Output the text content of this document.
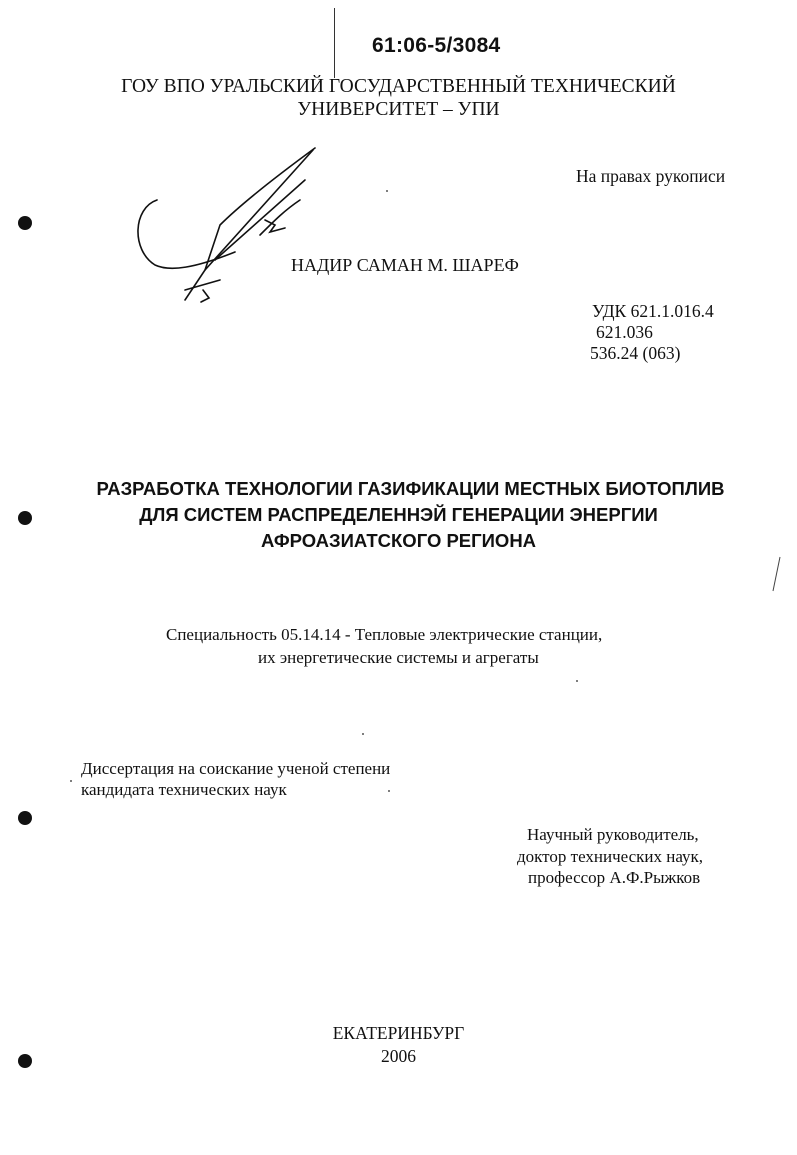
61:06-5/3084
ГОУ ВПО УРАЛЬСКИЙ ГОСУДАРСТВЕННЫЙ ТЕХНИЧЕСКИЙ
УНИВЕРСИТЕТ – УПИ
На правах рукописи
НАДИР САМАН М. ШАРЕФ
УДК 621.1.016.4
621.036
536.24 (063)
РАЗРАБОТКА ТЕХНОЛОГИИ ГАЗИФИКАЦИИ МЕСТНЫХ БИОТОПЛИВ
ДЛЯ СИСТЕМ РАСПРЕДЕЛЕННЭЙ ГЕНЕРАЦИИ ЭНЕРГИИ
АФРОАЗИАТСКОГО РЕГИОНА
Специальность 05.14.14 - Тепловые электрические станции,
их энергетические системы и агрегаты
Диссертация на соискание ученой степени
кандидата технических наук
Научный руководитель,
доктор технических наук,
профессор А.Ф.Рыжков
ЕКАТЕРИНБУРГ
2006
